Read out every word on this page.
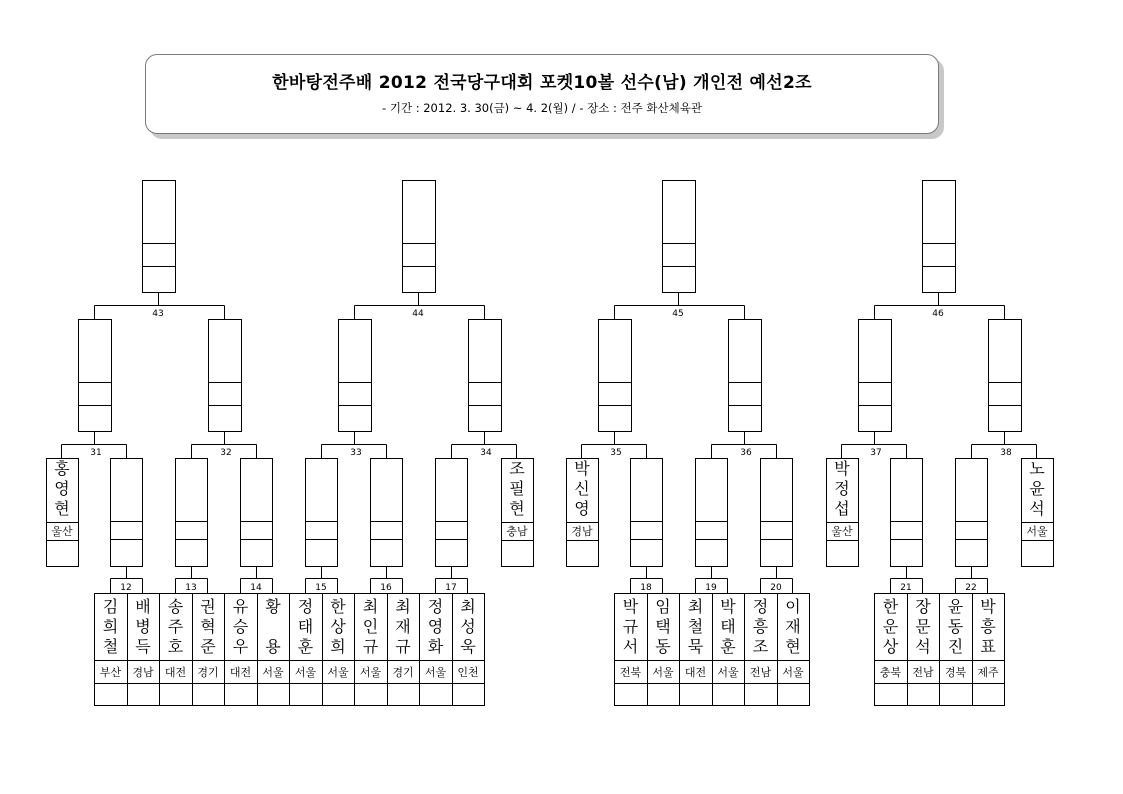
한바탕전주배 2012 전국당구대회 포켓10볼 선수(남) 개인전 예선2조
- 기간 : 2012. 3. 30(금) ~ 4. 2(월) / - 장소 : 전주 화산체육관
43	44	45	46
31	32	33	34	35	36	37	38
홍 영 현
울산
조 필 현
충남
박 신 영
경남
박 정 섭
울산
노 윤 석
서울
12	13	14	15	16	17	18	19	20	21	22
김 희 철
부산
배 병 득
경남
송 주 호
대전
권 혁 준
경기
유 승 우
대전
황 용
서울
정 태 훈
서울
한 상 희
서울
최 인 규
서울
최 재 규
경기
정 영 화
서울
최 성 욱
인천
박 규 서
전북
임 택 동
서울
최 철 묵
대전
박 태 훈
서울
정 흥 조
전남
이 재 현
서울
한 운 상
충북
장 문 석
전남
윤 동 진
경북
박 흥 표
제주
